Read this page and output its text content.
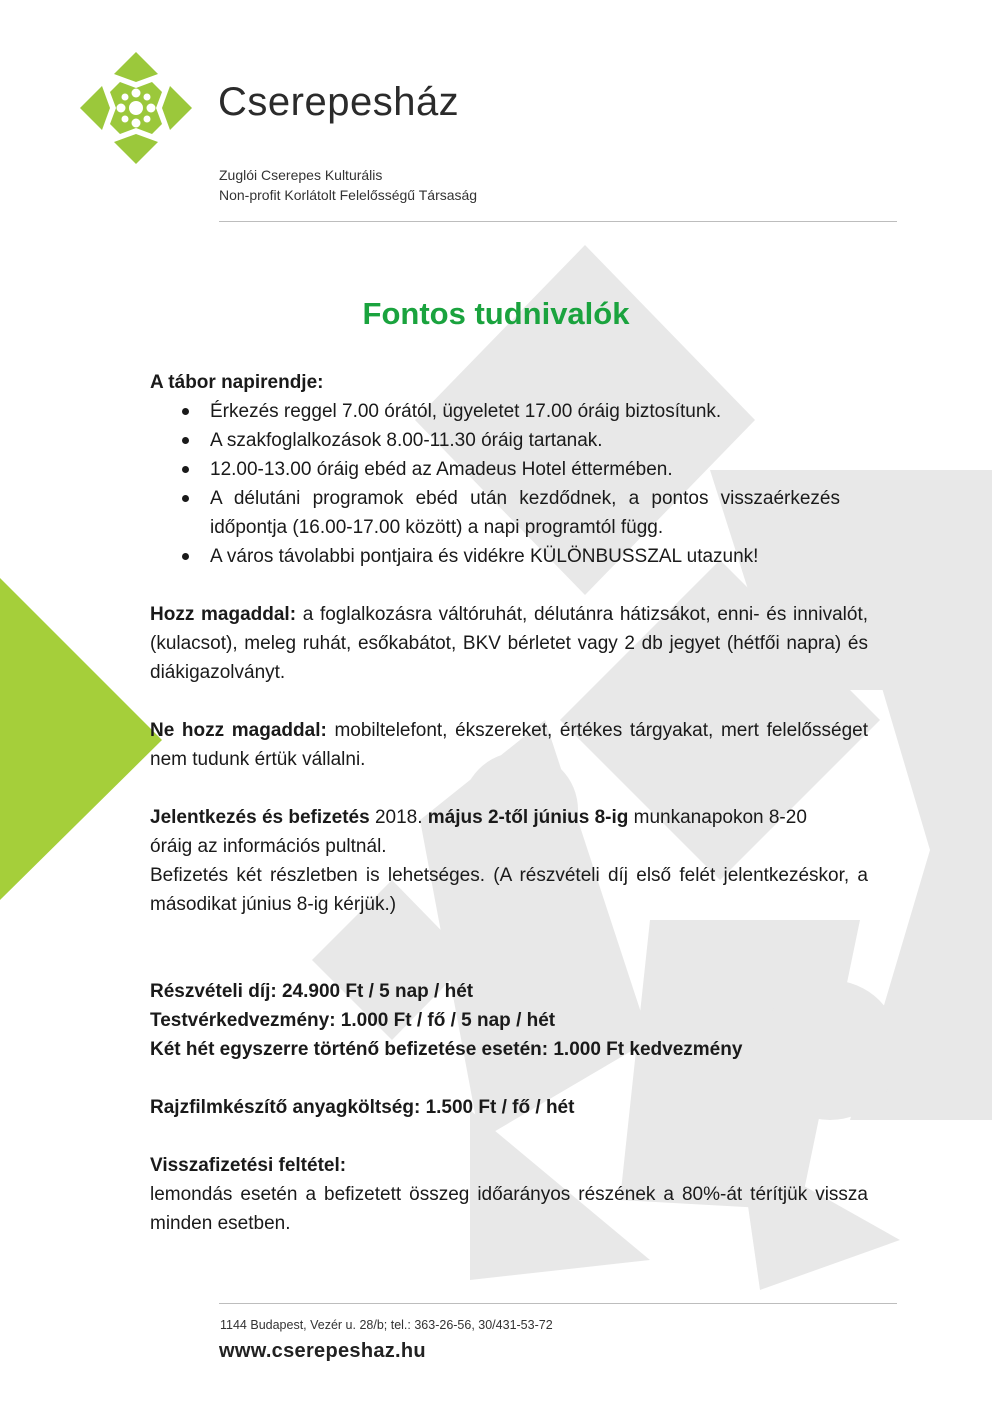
Cserepesház
Zuglói Cserepes Kulturális
Non-profit Korlátolt Felelősségű Társaság
Fontos tudnivalók

A tábor napirendje:

Érkezés reggel 7.00 órától, ügyeletet 17.00 óráig biztosítunk.
A szakfoglalkozások 8.00-11.30 óráig tartanak.
12.00-13.00 óráig ebéd az Amadeus Hotel éttermében.
A délutáni programok ebéd után kezdődnek, a pontos visszaérkezés időpontja (16.00-17.00 között) a napi programtól függ.
A város távolabbi pontjaira és vidékre KÜLÖNBUSSZAL utazunk!

Hozz magaddal: a foglalkozásra váltóruhát, délutánra hátizsákot, enni- és innivalót, (kulacsot), meleg ruhát, esőkabátot, BKV bérletet vagy 2 db jegyet (hétfői napra) és diákigazolványt.

Ne hozz magaddal: mobiltelefont, ékszereket, értékes tárgyakat, mert felelősséget nem tudunk értük vállalni.

Jelentkezés és befizetés 2018. május 2-től június 8-ig munkanapokon 8-20 óráig az információs pultnál.

Befizetés két részletben is lehetséges. (A részvételi díj első felét jelentkezéskor, a másodikat június 8-ig kérjük.)

Részvételi díj: 24.900 Ft / 5 nap / hét

Testvérkedvezmény: 1.000 Ft / fő / 5 nap / hét

Két hét egyszerre történő befizetése esetén: 1.000 Ft kedvezmény

Rajzfilmkészítő anyagköltség: 1.500 Ft / fő / hét

Visszafizetési feltétel:

lemondás esetén a befizetett összeg időarányos részének a 80%-át térítjük vissza minden esetben.

1144 Budapest, Vezér u. 28/b; tel.: 363-26-56, 30/431-53-72
www.cserepeshaz.hu
